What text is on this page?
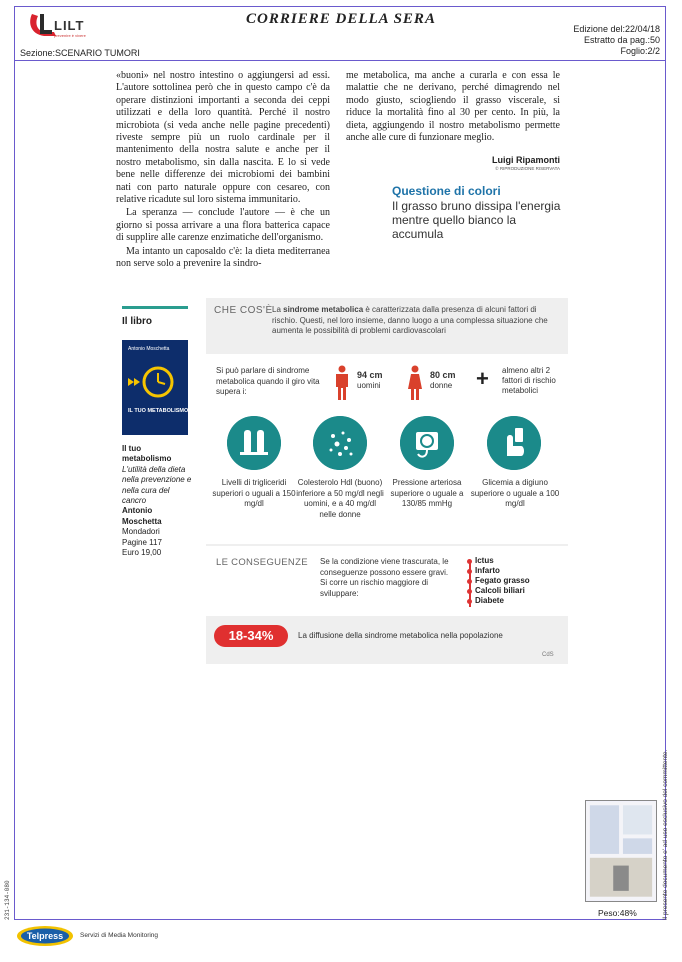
LILT
prevenire è vivere
CORRIERE DELLA SERA
Edizione del:22/04/18
Estratto da pag.:50
Foglio:2/2
Sezione:SCENARIO TUMORI

«buoni» nel nostro intestino o aggiungersi ad essi. L'autore sottolinea però che in questo campo c'è da operare distinzioni importanti a seconda dei ceppi utilizzati e della loro quantità. Perché il nostro microbiota (si veda anche nelle pagine precedenti) riveste sempre più un ruolo cardinale per il mantenimento della nostra salute e anche per il nostro metabolismo, sin dalla nascita. E lo si vede bene nelle differenze dei microbiomi dei bambini nati con parto naturale oppure con cesareo, con relative ricadute sul loro sistema immunitario.

La speranza — conclude l'autore — è che un giorno si possa arrivare a una flora batterica capace di supplire alle carenze enzimatiche dell'organismo.

Ma intanto un caposaldo c'è: la dieta mediterranea non serve solo a prevenire la sindro-

me metabolica, ma anche a curarla e con essa le malattie che ne derivano, perché dimagrendo nel modo giusto, sciogliendo il grasso viscerale, si riduce la mortalità fino al 30 per cento. In più, la dieta, aggiungendo il nostro metabolismo permette anche alle cure di funzionare meglio.

Luigi Ripamonti
© RIPRODUZIONE RISERVATA
Questione di colori
Il grasso bruno dissipa l'energia mentre quello bianco la accumula
Il libro
Antonio Moschetta
IL TUO METABOLISMO
Il tuo metabolismo
L'utilità della dieta nella prevenzione e nella cura del cancro
Antonio Moschetta
Mondadori
Pagine 117
Euro 19,00
CHE COS'È La sindrome metabolica è caratterizzata dalla presenza di alcuni fattori di rischio. Questi, nel loro insieme, danno luogo a una complessa situazione che aumenta le possibilità di problemi cardiovascolari
Si può parlare di sindrome metabolica quando il giro vita supera i:
94 cm
uomini
80 cm
donne + almeno altri 2 fattori di rischio metabolici
Livelli di trigliceridi superiori o uguali a 150 mg/dl
Colesterolo Hdl (buono) inferiore a 50 mg/dl negli uomini, e a 40 mg/dl nelle donne
Pressione arteriosa superiore o uguale a 130/85 mmHg
Glicemia a digiuno superiore o uguale a 100 mg/dl
LE CONSEGUENZE Se la condizione viene trascurata, le conseguenze possono essere gravi. Si corre un rischio maggiore di sviluppare:
Ictus
Infarto
Fegato grasso
Calcoli biliari
Diabete
18-34%	La diffusione della sindrome metabolica nella popolazione
CdS
Peso:48%	Il presente documento e' ad uso esclusivo del committente.
231-134-080
Telpress	Servizi di Media Monitoring
